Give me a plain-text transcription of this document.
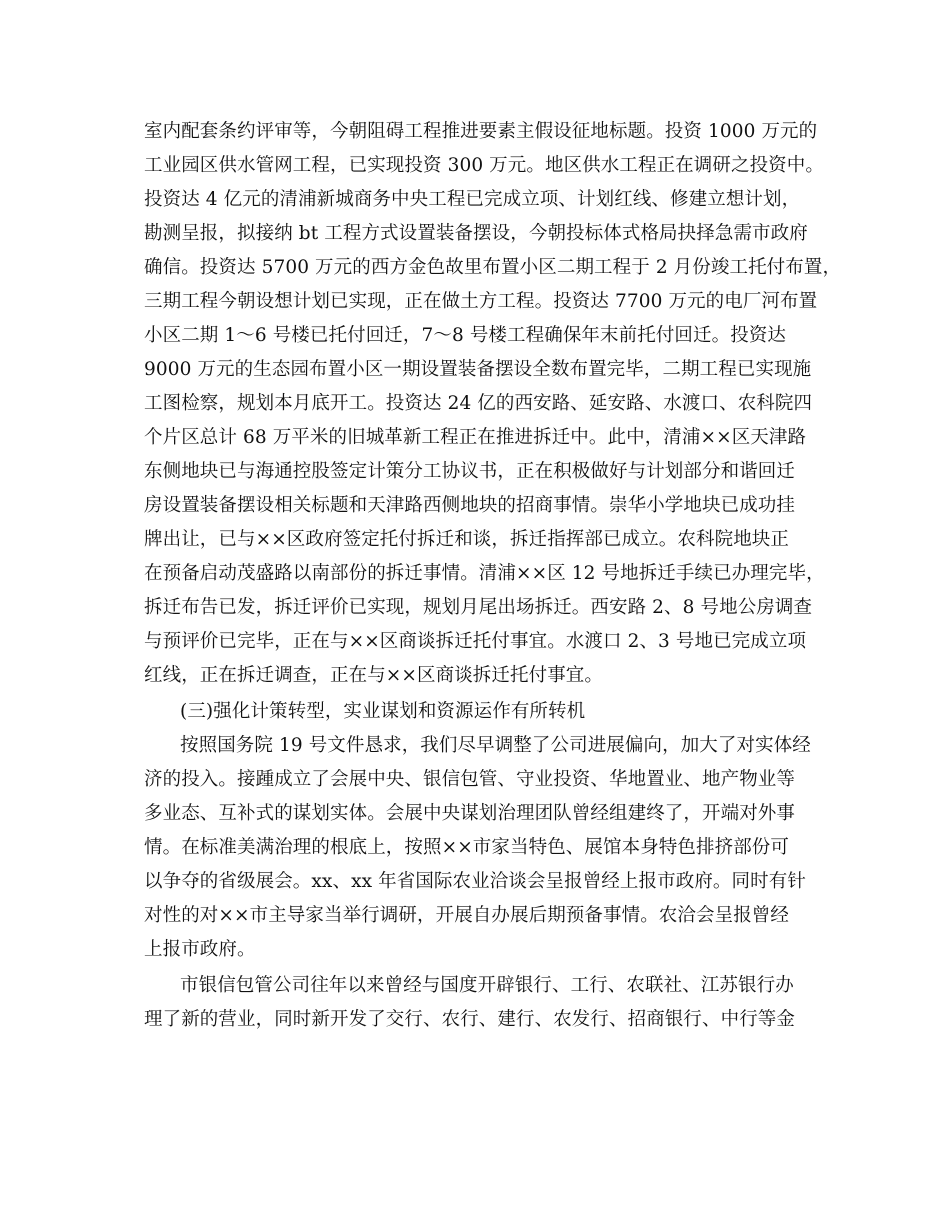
室内配套条约评审等，今朝阻碍工程推进要素主假设征地标题。投资 1000 万元的
工业园区供水管网工程，已实现投资 300 万元。地区供水工程正在调研之投资中。
投资达 4 亿元的清浦新城商务中央工程已完成立项、计划红线、修建立想计划，
勘测呈报，拟接纳 bt 工程方式设置装备摆设，今朝投标体式格局抉择急需市政府
确信。投资达 5700 万元的西方金色故里布置小区二期工程于 2 月份竣工托付布置，
三期工程今朝设想计划已实现，正在做土方工程。投资达 7700 万元的电厂河布置
小区二期 1～6 号楼已托付回迁，7～8 号楼工程确保年末前托付回迁。投资达
9000 万元的生态园布置小区一期设置装备摆设全数布置完毕，二期工程已实现施
工图检察，规划本月底开工。投资达 24 亿的西安路、延安路、水渡口、农科院四
个片区总计 68 万平米的旧城革新工程正在推进拆迁中。此中，清浦××区天津路
东侧地块已与海通控股签定计策分工协议书，正在积极做好与计划部分和谐回迁
房设置装备摆设相关标题和天津路西侧地块的招商事情。崇华小学地块已成功挂
牌出让，已与××区政府签定托付拆迁和谈，拆迁指挥部已成立。农科院地块正
在预备启动茂盛路以南部份的拆迁事情。清浦××区 12 号地拆迁手续已办理完毕，
拆迁布告已发，拆迁评价已实现，规划月尾出场拆迁。西安路 2、8 号地公房调查
与预评价已完毕，正在与××区商谈拆迁托付事宜。水渡口 2、3 号地已完成立项
红线，正在拆迁调查，正在与××区商谈拆迁托付事宜。
(三)强化计策转型，实业谋划和资源运作有所转机
按照国务院 19 号文件恳求，我们尽早调整了公司进展偏向，加大了对实体经
济的投入。接踵成立了会展中央、银信包管、守业投资、华地置业、地产物业等
多业态、互补式的谋划实体。会展中央谋划治理团队曾经组建终了，开端对外事
情。在标准美满治理的根底上，按照××市家当特色、展馆本身特色排挤部份可
以争夺的省级展会。xx、xx 年省国际农业洽谈会呈报曾经上报市政府。同时有针
对性的对××市主导家当举行调研，开展自办展后期预备事情。农洽会呈报曾经
上报市政府。
市银信包管公司往年以来曾经与国度开辟银行、工行、农联社、江苏银行办
理了新的营业，同时新开发了交行、农行、建行、农发行、招商银行、中行等金
